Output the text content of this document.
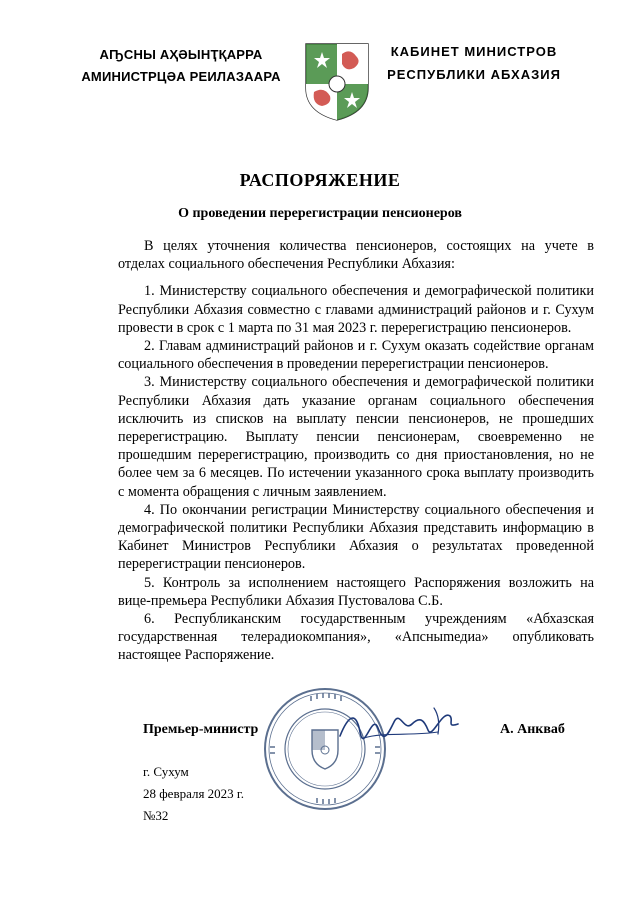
АҦСНЫ АҲӘЫНҬҚАРРА
АМИНИСТРЦӘА РЕИЛАЗААРА
КАБИНЕТ МИНИСТРОВ
РЕСПУБЛИКИ АБХАЗИЯ
РАСПОРЯЖЕНИЕ
О проведении перерегистрации пенсионеров

В целях уточнения количества пенсионеров, состоящих на учете в отделах социального обеспечения Республики Абхазия:

1. Министерству социального обеспечения и демографической политики Республики Абхазия совместно с главами администраций районов и г. Сухум провести в срок с 1 марта по 31 мая 2023 г. перерегистрацию пенсионеров.

2. Главам администраций районов и г. Сухум оказать содействие органам социального обеспечения в проведении перерегистрации пенсионеров.

3. Министерству социального обеспечения и демографической политики Республики Абхазия дать указание органам социального обеспечения исключить из списков на выплату пенсии пенсионеров, не прошедших перерегистрацию. Выплату пенсии пенсионерам, своевременно не прошедшим перерегистрацию, производить со дня приостановления, но не более чем за 6 месяцев. По истечении указанного срока выплату производить с момента обращения с личным заявлением.

4. По окончании регистрации Министерству социального обеспечения и демографической политики Республики Абхазия представить информацию в Кабинет Министров Республики Абхазия о результатах проведенной перерегистрации пенсионеров.

5. Контроль за исполнением настоящего Распоряжения возложить на вице-премьера Республики Абхазия Пустовалова С.Б.

6. Республиканским государственным учреждениям «Абхазская государственная телерадиокомпания», «Апсныmедиа» опубликовать настоящее Распоряжение.

Премьер-министр	А. Анкваб
г. Сухум
28 февраля 2023 г.
№32
